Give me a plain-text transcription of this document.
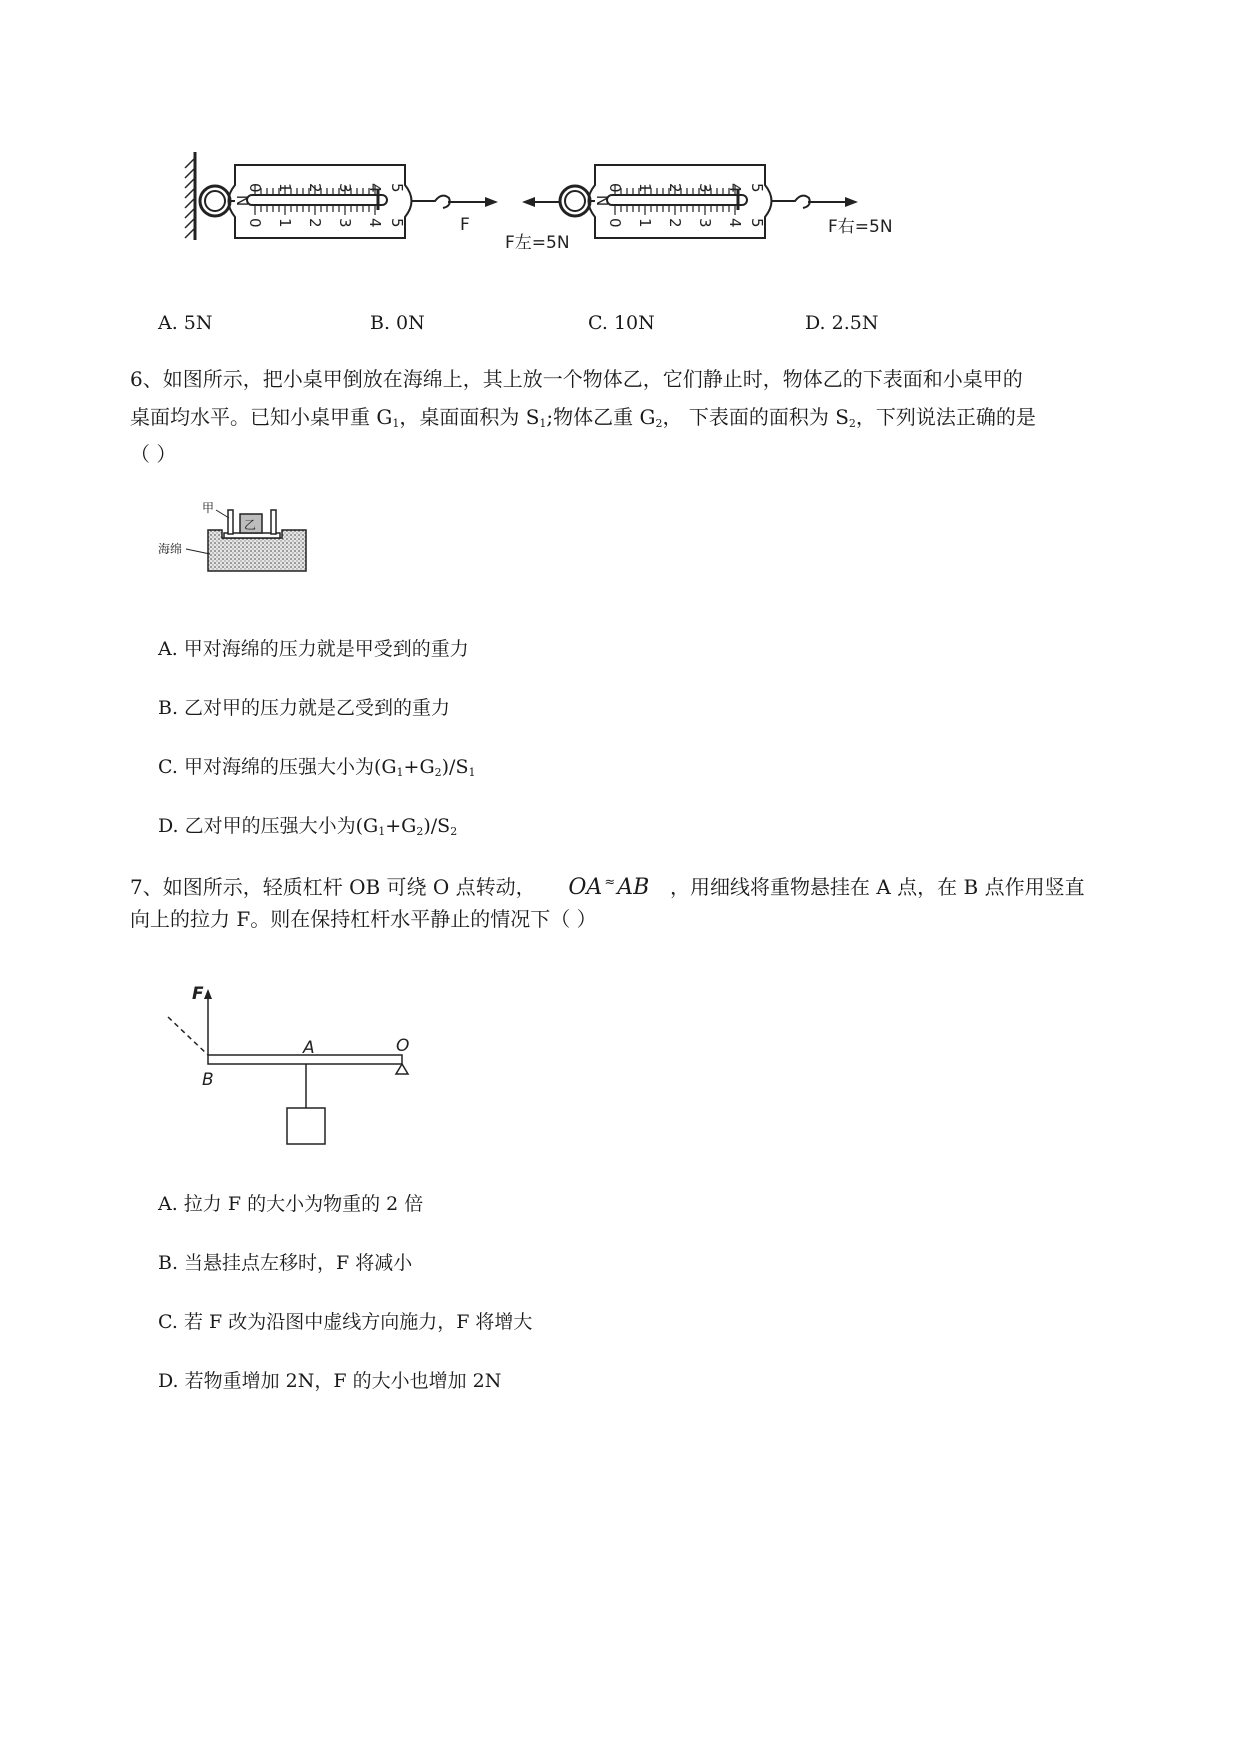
0 1 2 3 4 5
0 1 2 3 4 5
N
F
F左=5N
0 1 2 3 4 5
0 1 2 3 4 5
N
F右=5N
A. 5N	B. 0N	C. 10N	D. 2.5N
6、如图所示，把小桌甲倒放在海绵上，其上放一个物体乙，它们静止时，物体乙的下表面和小桌甲的
桌面均水平。已知小桌甲重 $G_1$，桌面面积为 $S_1$;物体乙重 $G_2$， 下表面的面积为 $S_2$，下列说法正确的是
（ ）
乙
甲
海绵
A. 甲对海绵的压力就是甲受到的重力
B. 乙对甲的压力就是乙受到的重力
C. 甲对海绵的压强大小为$(G_1+G_2)/S_1$
D. 乙对甲的压强大小为$(G_1+G_2)/S_2$
7、如图所示，轻质杠杆 OB 可绕 O 点转动， OA ≈AB ，用细线将重物悬挂在 A 点，在 B 点作用竖直
向上的拉力 F。则在保持杠杆水平静止的情况下（ ）
F
A	O
B
A. 拉力 F 的大小为物重的 2 倍
B. 当悬挂点左移时，F 将减小
C. 若 F 改为沿图中虚线方向施力，F 将增大
D. 若物重增加 2N，F 的大小也增加 2N
